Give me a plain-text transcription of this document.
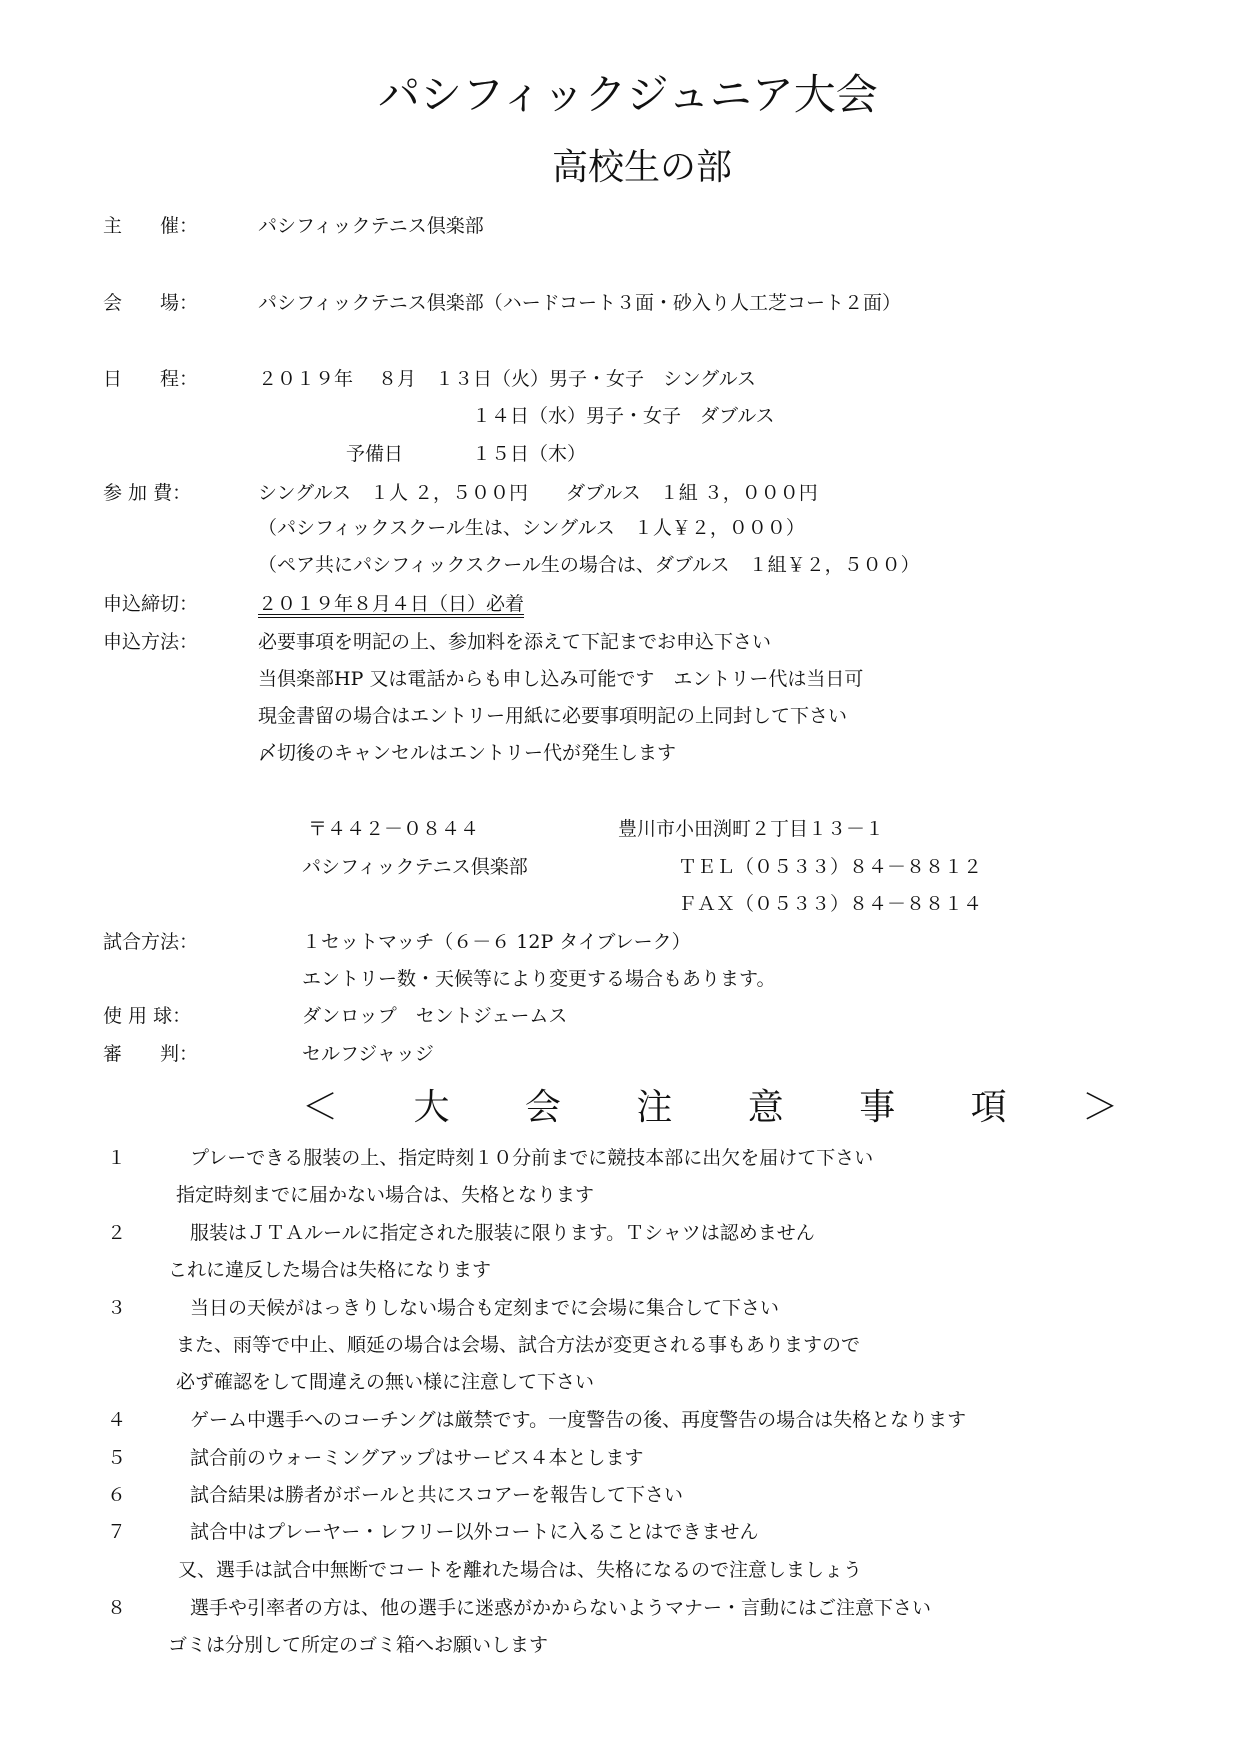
パシフィックジュニア大会
高校生の部
主　　催：	パシフィックテニス倶楽部
会　　場：	パシフィックテニス倶楽部（ハードコート３面・砂入り人工芝コート２面）
日　　程：	２０１９年　 ８月　１３日（火）男子・女子　シングルス
１４日（水）男子・女子　ダブルス
予備日	１５日（木）
参 加 費：	シングルス　１人 ２，５００円　　ダブルス　１組 ３，０００円
（パシフィックスクール生は、シングルス　１人￥２，０００）
（ペア共にパシフィックスクール生の場合は、ダブルス　１組￥２，５００）
申込締切：	２０１９年８月４日（日）必着
申込方法：	必要事項を明記の上、参加料を添えて下記までお申込下さい
当倶楽部HP 又は電話からも申し込み可能です　エントリー代は当日可
現金書留の場合はエントリー用紙に必要事項明記の上同封して下さい
〆切後のキャンセルはエントリー代が発生します
〒４４２－０８４４	豊川市小田渕町２丁目１３－１
パシフィックテニス倶楽部	ＴＥＬ（０５３３）８４－８８１２
ＦＡＸ（０５３３）８４－８８１４
試合方法：	１セットマッチ（６－６ 12P タイブレーク）
エントリー数・天候等により変更する場合もあります。
使 用 球：	ダンロップ　セントジェームス
審　　判：	セルフジャッジ
＜ 大 会 注 意 事 項 ＞
１	プレーできる服装の上、指定時刻１０分前までに競技本部に出欠を届けて下さい
指定時刻までに届かない場合は、失格となります
２	服装はＪＴＡルールに指定された服装に限ります。Ｔシャツは認めません
これに違反した場合は失格になります
３	当日の天候がはっきりしない場合も定刻までに会場に集合して下さい
また、雨等で中止、順延の場合は会場、試合方法が変更される事もありますので
必ず確認をして間違えの無い様に注意して下さい
４	ゲーム中選手へのコーチングは厳禁です。一度警告の後、再度警告の場合は失格となります
５	試合前のウォーミングアップはサービス４本とします
６	試合結果は勝者がボールと共にスコアーを報告して下さい
７	試合中はプレーヤー・レフリー以外コートに入ることはできません
又、選手は試合中無断でコートを離れた場合は、失格になるので注意しましょう
８	選手や引率者の方は、他の選手に迷惑がかからないようマナー・言動にはご注意下さい
ゴミは分別して所定のゴミ箱へお願いします
